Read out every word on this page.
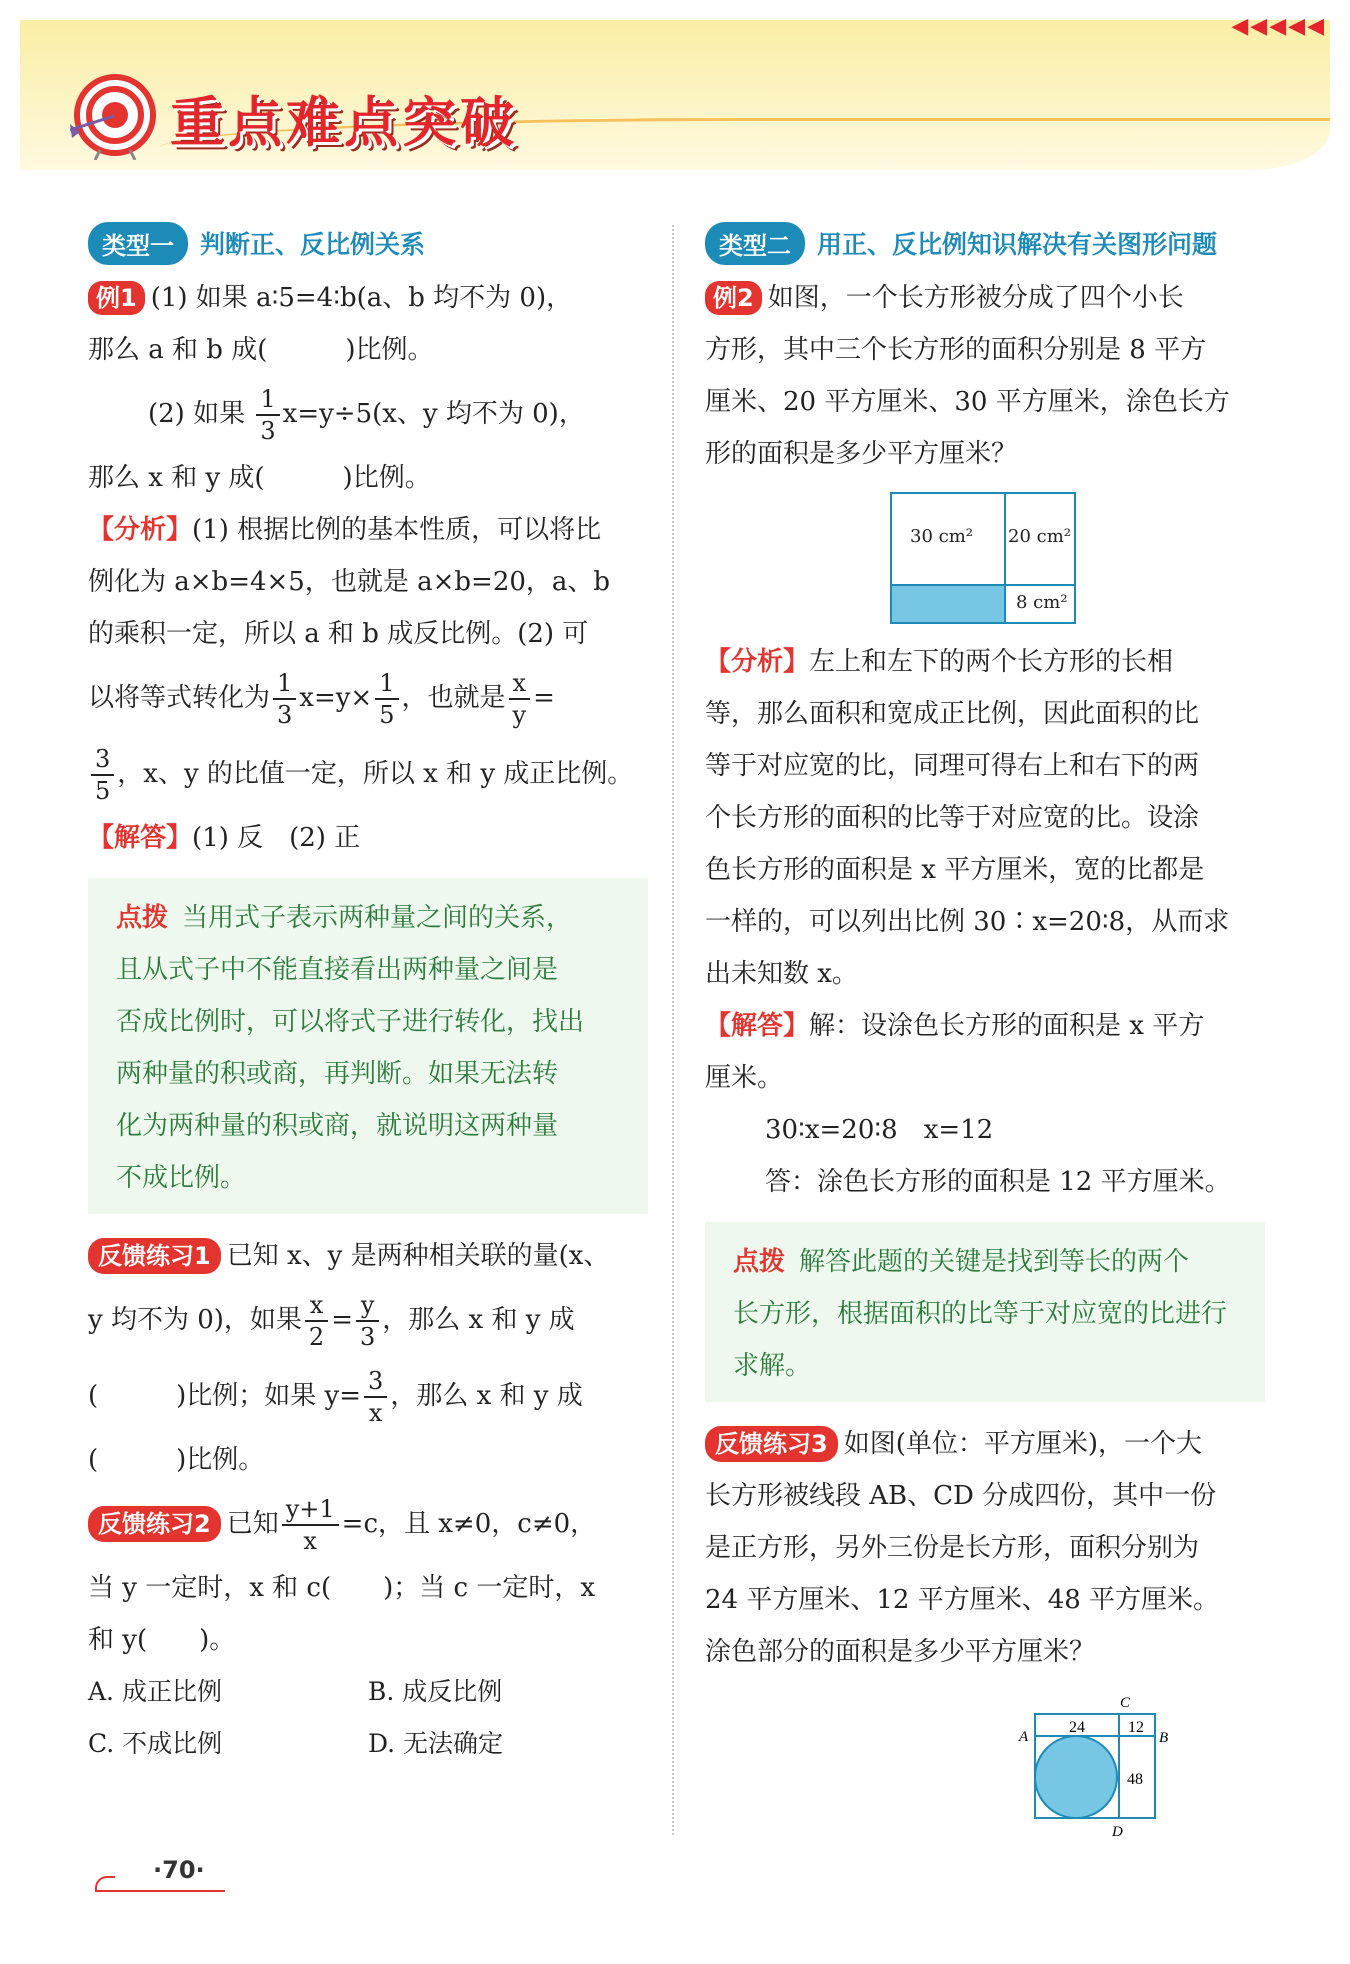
重点难点突破
◀◀◀◀◀
类型一	判断正、反比例关系
例1 (1) 如果 a∶5=4∶b(a、b 均不为 0)，
那么 a 和 b 成(　　　)比例。
(2) 如果 $\frac{1}{3} x=y\div 5(x$、y 均不为 0)，
那么 x 和 y 成(　　　)比例。
【分析】(1) 根据比例的基本性质，可以将比
例化为 a×b=4×5，也就是 a×b=20，a、b
的乘积一定，所以 a 和 b 成反比例。(2) 可
以将等式转化为 $\frac{1}{3} x=y\times \frac{1}{5}$ ，也就是 $\frac{x}{y}$ =
$\frac{3}{5}$ ，x、y 的比值一定，所以 x 和 y 成正比例。
【解答】(1) 反　(2) 正
点拨 当用式子表示两种量之间的关系，
且从式子中不能直接看出两种量之间是
否成比例时，可以将式子进行转化，找出
两种量的积或商，再判断。如果无法转
化为两种量的积或商，就说明这两种量
不成比例。
反馈练习1 已知 x、y 是两种相关联的量(x、
y 均不为 0)，如果 $\frac{x}{2} = \frac{y}{3}$ ，那么 x 和 y 成
(　　　)比例；如果 $y= \frac{3}{x}$ ，那么 x 和 y 成
(　　　)比例。
反馈练习2 已知 $\frac{y+1}{x} =c$，且 x≠0，c≠0，
当 y 一定时，x 和 c(　　)；当 c 一定时，x
和 y(　　)。
A. 成正比例	B. 成反比例
C. 不成比例	D. 无法确定
类型二	用正、反比例知识解决有关图形问题
例2 如图，一个长方形被分成了四个小长
方形，其中三个长方形的面积分别是 8 平方
厘米、20 平方厘米、30 平方厘米，涂色长方
形的面积是多少平方厘米？
30 cm² 20 cm²
8 cm²
【分析】左上和左下的两个长方形的长相
等，那么面积和宽成正比例，因此面积的比
等于对应宽的比，同理可得右上和右下的两
个长方形的面积的比等于对应宽的比。设涂
色长方形的面积是 x 平方厘米，宽的比都是
一样的，可以列出比例 30∶x=20∶8，从而求
出未知数 x。
【解答】解：设涂色长方形的面积是 x 平方
厘米。
30∶x=20∶8　x=12
答：涂色长方形的面积是 12 平方厘米。
点拨 解答此题的关键是找到等长的两个
长方形，根据面积的比等于对应宽的比进行
求解。
反馈练习3 如图(单位：平方厘米)，一个大
长方形被线段 AB、CD 分成四份，其中一份
是正方形，另外三份是长方形，面积分别为
24 平方厘米、12 平方厘米、48 平方厘米。
涂色部分的面积是多少平方厘米？
C
A	B
D
24	12
48
·70·
